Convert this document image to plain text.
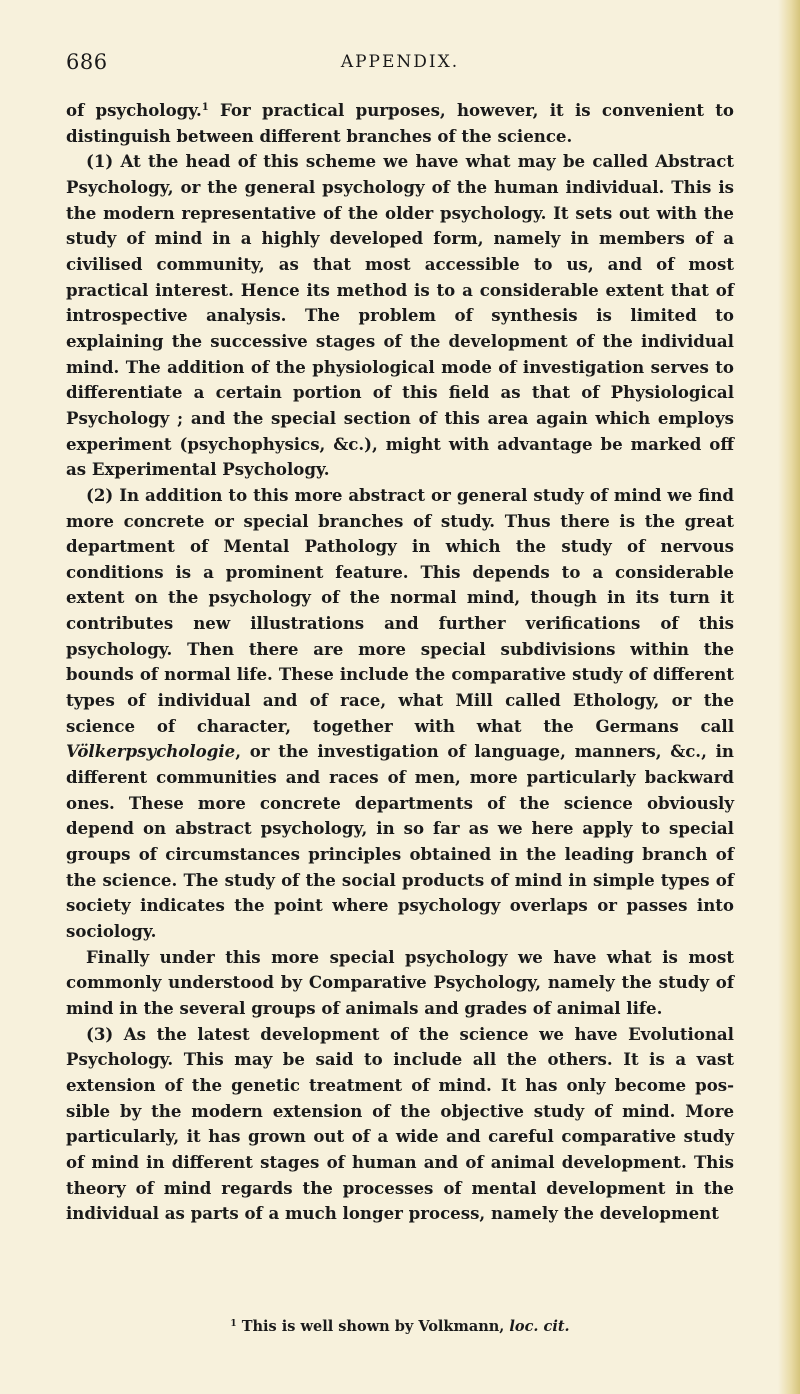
686	APPENDIX.

of psychology.$^1$ For practical purposes, however, it is convenient to distinguish between different branches of the science.

(1) At the head of this scheme we have what may be called Abstract Psychology, or the general psychology of the human individual. This is the modern representative of the older psychology. It sets out with the study of mind in a highly developed form, namely in members of a civilised community, as that most accessible to us, and of most practical interest. Hence its method is to a considerable extent that of introspective analysis. The problem of synthesis is limited to explaining the successive stages of the development of the individual mind. The addition of the physiological mode of investigation serves to differentiate a certain portion of this field as that of Physiological Psychology ; and the special section of this area again which employs experiment (psychophysics, &c.), might with advantage be marked off as Experimental Psychology.

(2) In addition to this more abstract or general study of mind we find more concrete or special branches of study. Thus there is the great department of Mental Pathology in which the study of nervous conditions is a prominent feature. This depends to a considerable extent on the psychology of the normal mind, though in its turn it contributes new illustrations and further verifications of this psychology. Then there are more special subdivisions within the bounds of normal life. These include the comparative study of different types of individual and of race, what Mill called Ethology, or the science of character, together with what the Germans call Völkerpsychologie, or the investigation of language, manners, &c., in different communities and races of men, more particularly backward ones. These more concrete departments of the science obviously depend on abstract psychology, in so far as we here apply to special groups of circumstances principles obtained in the leading branch of the science. The study of the social products of mind in simple types of society indicates the point where psychology overlaps or passes into sociology.

Finally under this more special psychology we have what is most commonly understood by Comparative Psychology, namely the study of mind in the several groups of animals and grades of animal life.

(3) As the latest development of the science we have Evolutional Psychology. This may be said to include all the others. It is a vast extension of the genetic treatment of mind. It has only become possible by the modern extension of the objective study of mind. More particularly, it has grown out of a wide and careful comparative study of mind in different stages of human and of animal development. This theory of mind regards the processes of mental development in the individual as parts of a much longer process, namely the development

$^1$ This is well shown by Volkmann, loc. cit.
